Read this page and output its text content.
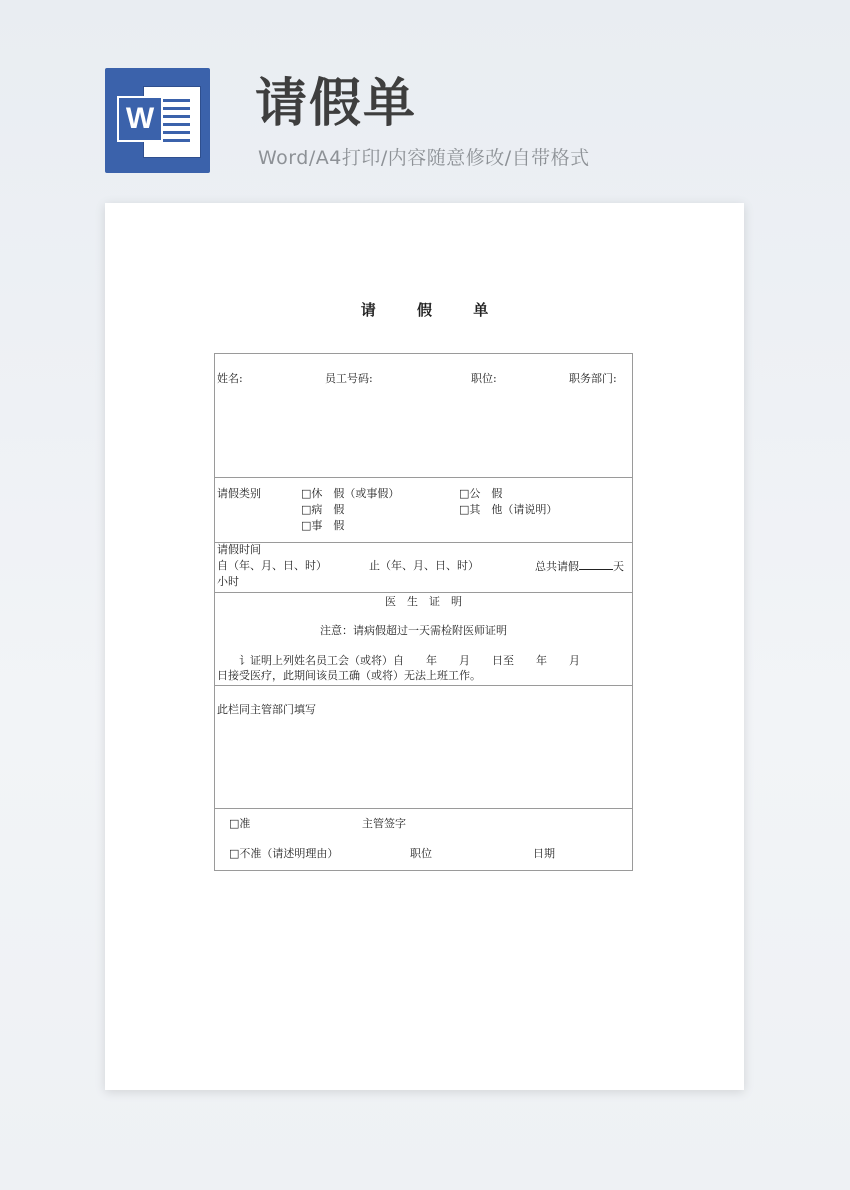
W 请假单
Word/A4打印/内容随意修改/自带格式
请 假 单
姓名:	员工号码:	职位:	职务部门:
请假类别	□休　假（或事假）	□公　假
□病　假	□其　他（请说明）
□事　假
请假时间
自（年、月、日、时）	止（年、月、日、时）	总共请假	天
小时
医　生　证　明
注意：请病假超过一天需检附医师证明
讠证明上列姓名员工会（或将）自　　年　　月　　日至　　年　　月
日接受医疗，此期间该员工确（或将）无法上班工作。
此栏同主管部门填写
□准	主管签字
□不准（请述明理由）	职位	日期
